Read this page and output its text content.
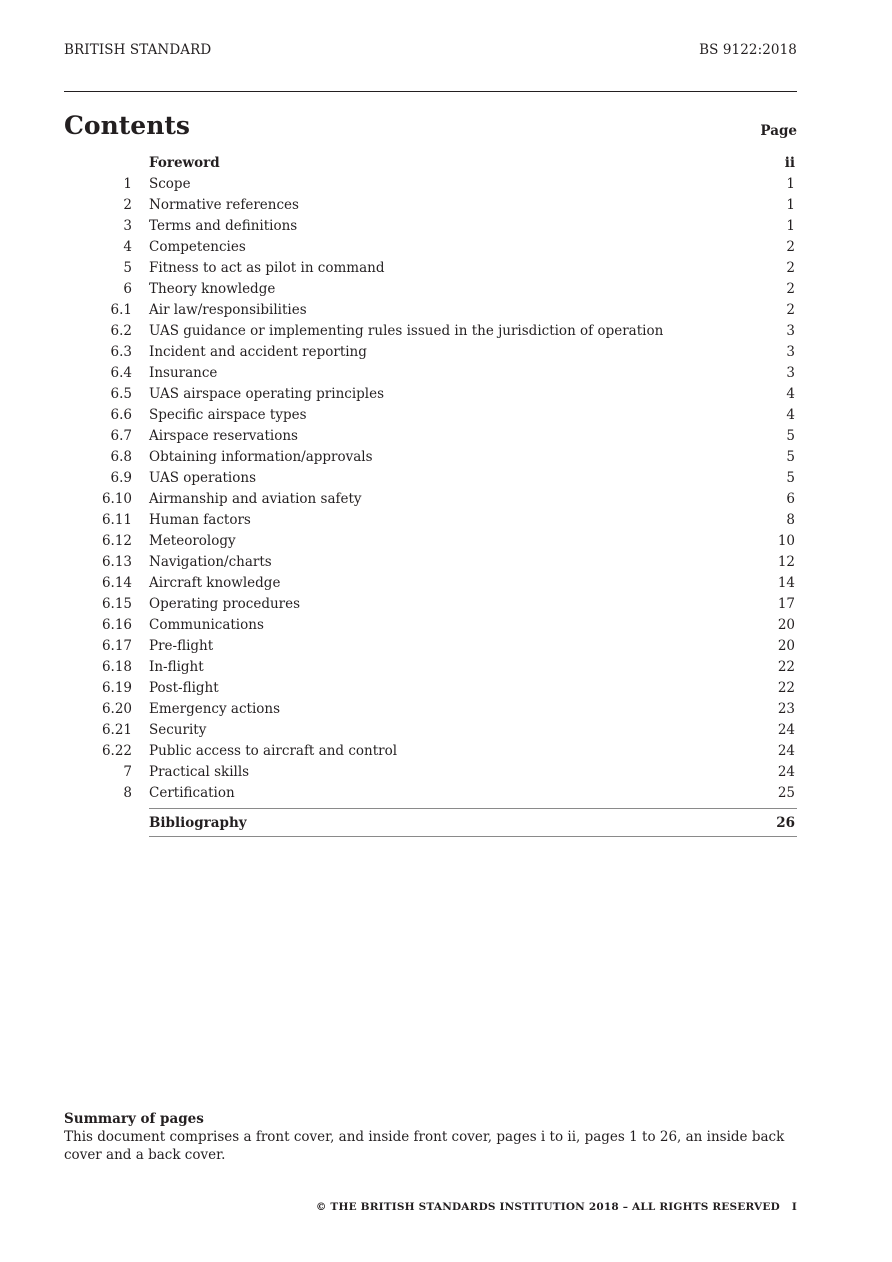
BRITISH STANDARD	BS 9122:2018
Contents	Page
Foreword	ii
1	Scope	1
2	Normative references	1
3	Terms and definitions	1
4	Competencies	2
5	Fitness to act as pilot in command	2
6	Theory knowledge	2
6.1	Air law/responsibilities	2
6.2	UAS guidance or implementing rules issued in the jurisdiction of operation	3
6.3	Incident and accident reporting	3
6.4	Insurance	3
6.5	UAS airspace operating principles	4
6.6	Specific airspace types	4
6.7	Airspace reservations	5
6.8	Obtaining information/approvals	5
6.9	UAS operations	5
6.10	Airmanship and aviation safety	6
6.11	Human factors	8
6.12	Meteorology	10
6.13	Navigation/charts	12
6.14	Aircraft knowledge	14
6.15	Operating procedures	17
6.16	Communications	20
6.17	Pre-flight	20
6.18	In-flight	22
6.19	Post-flight	22
6.20	Emergency actions	23
6.21	Security	24
6.22	Public access to aircraft and control	24
7	Practical skills	24
8	Certification	25
Bibliography	26
Summary of pages
This document comprises a front cover, and inside front cover, pages i to ii, pages 1 to 26, an inside back cover and a back cover.
© THE BRITISH STANDARDS INSTITUTION 2018 – ALL RIGHTS RESERVED I
